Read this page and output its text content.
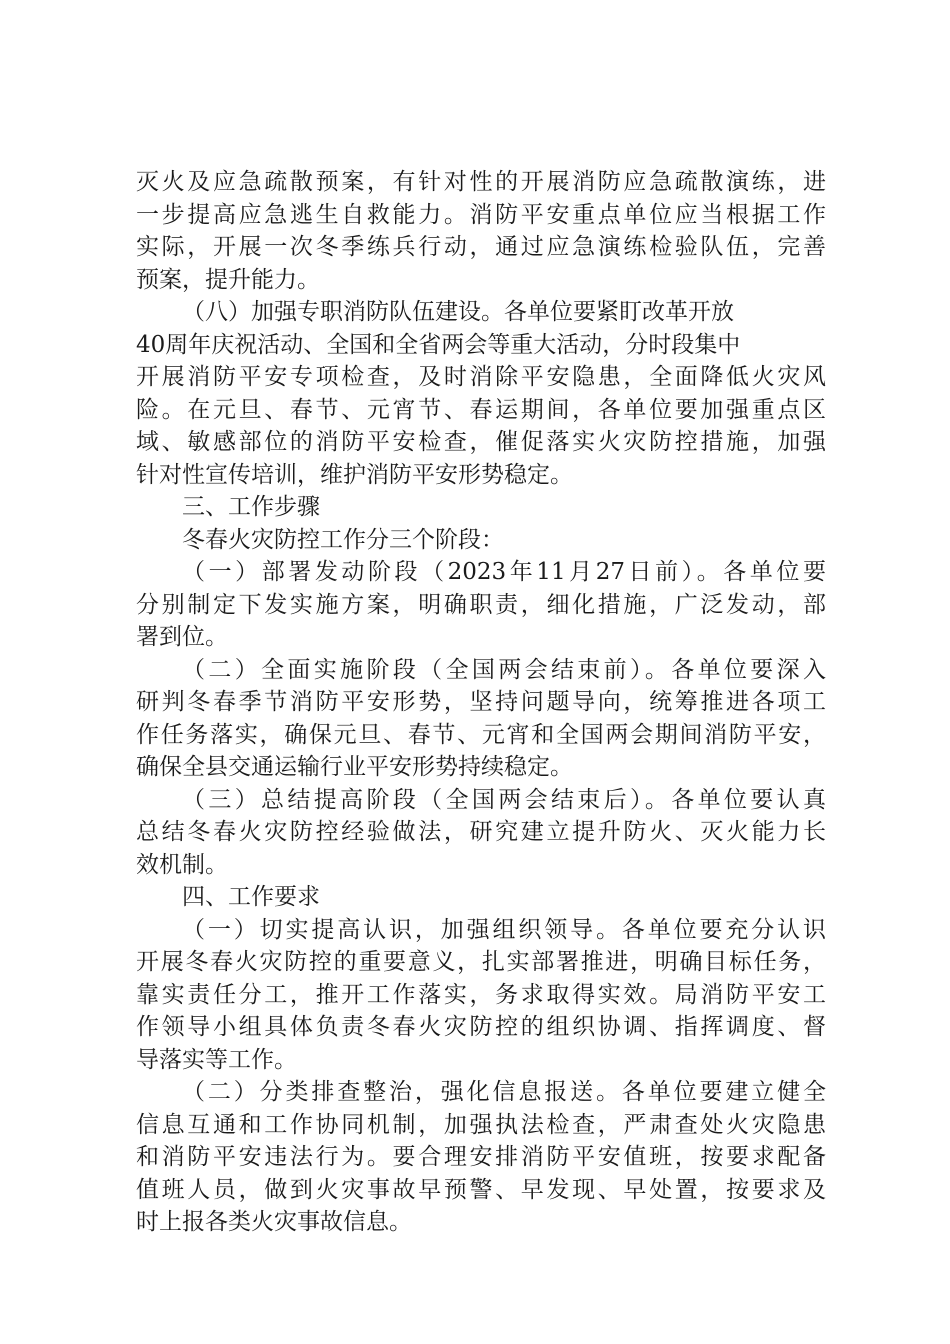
灭火及应急疏散预案，有针对性的开展消防应急疏散演练，进
一步提高应急逃生自救能力。消防平安重点单位应当根据工作
实际，开展一次冬季练兵行动，通过应急演练检验队伍，完善
预案，提升能力。
（八）加强专职消防队伍建设。各单位要紧盯改革开放
40周年庆祝活动、全国和全省两会等重大活动，分时段集中
开展消防平安专项检查，及时消除平安隐患，全面降低火灾风
险。在元旦、春节、元宵节、春运期间，各单位要加强重点区
域、敏感部位的消防平安检查，催促落实火灾防控措施，加强
针对性宣传培训，维护消防平安形势稳定。
三、工作步骤
冬春火灾防控工作分三个阶段：
（一）部署发动阶段（2023年11月27日前）。各单位要
分别制定下发实施方案，明确职责，细化措施，广泛发动，部
署到位。
（二）全面实施阶段（全国两会结束前）。各单位要深入
研判冬春季节消防平安形势，坚持问题导向，统筹推进各项工
作任务落实，确保元旦、春节、元宵和全国两会期间消防平安，
确保全县交通运输行业平安形势持续稳定。
（三）总结提高阶段（全国两会结束后）。各单位要认真
总结冬春火灾防控经验做法，研究建立提升防火、灭火能力长
效机制。
四、工作要求
（一）切实提高认识，加强组织领导。各单位要充分认识
开展冬春火灾防控的重要意义，扎实部署推进，明确目标任务，
靠实责任分工，推开工作落实，务求取得实效。局消防平安工
作领导小组具体负责冬春火灾防控的组织协调、指挥调度、督
导落实等工作。
（二）分类排查整治，强化信息报送。各单位要建立健全
信息互通和工作协同机制，加强执法检查，严肃查处火灾隐患
和消防平安违法行为。要合理安排消防平安值班，按要求配备
值班人员，做到火灾事故早预警、早发现、早处置，按要求及
时上报各类火灾事故信息。
